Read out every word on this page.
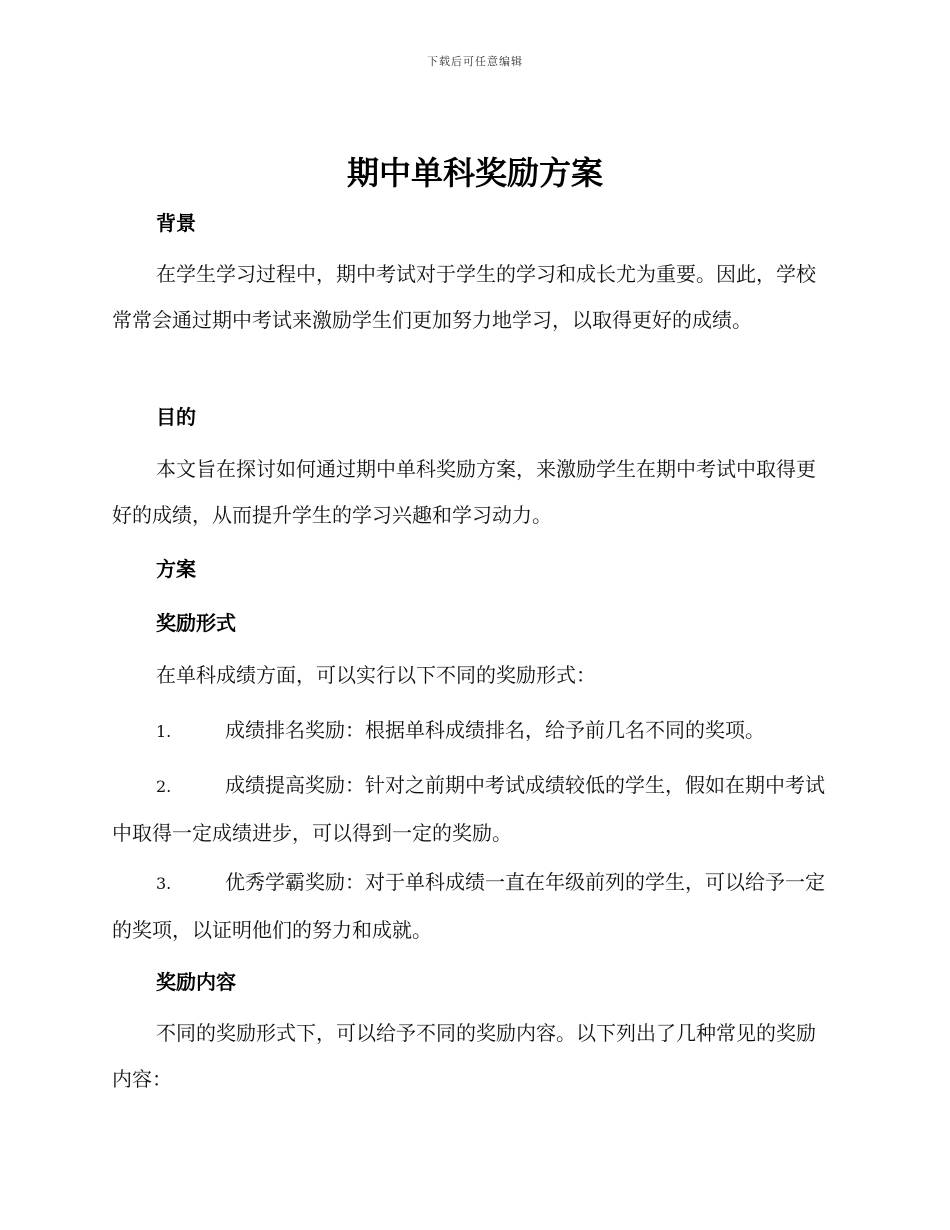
下载后可任意编辑
期中单科奖励方案
背景

在学生学习过程中，期中考试对于学生的学习和成长尤为重要。因此，学校常常会通过期中考试来激励学生们更加努力地学习，以取得更好的成绩。

目的

本文旨在探讨如何通过期中单科奖励方案，来激励学生在期中考试中取得更好的成绩，从而提升学生的学习兴趣和学习动力。

方案
奖励形式

在单科成绩方面，可以实行以下不同的奖励形式：

1.	成绩排名奖励：根据单科成绩排名，给予前几名不同的奖项。

2.	成绩提高奖励：针对之前期中考试成绩较低的学生，假如在期中考试中取得一定成绩进步，可以得到一定的奖励。

3.	优秀学霸奖励：对于单科成绩一直在年级前列的学生，可以给予一定的奖项，以证明他们的努力和成就。

奖励内容

不同的奖励形式下，可以给予不同的奖励内容。以下列出了几种常见的奖励内容：
